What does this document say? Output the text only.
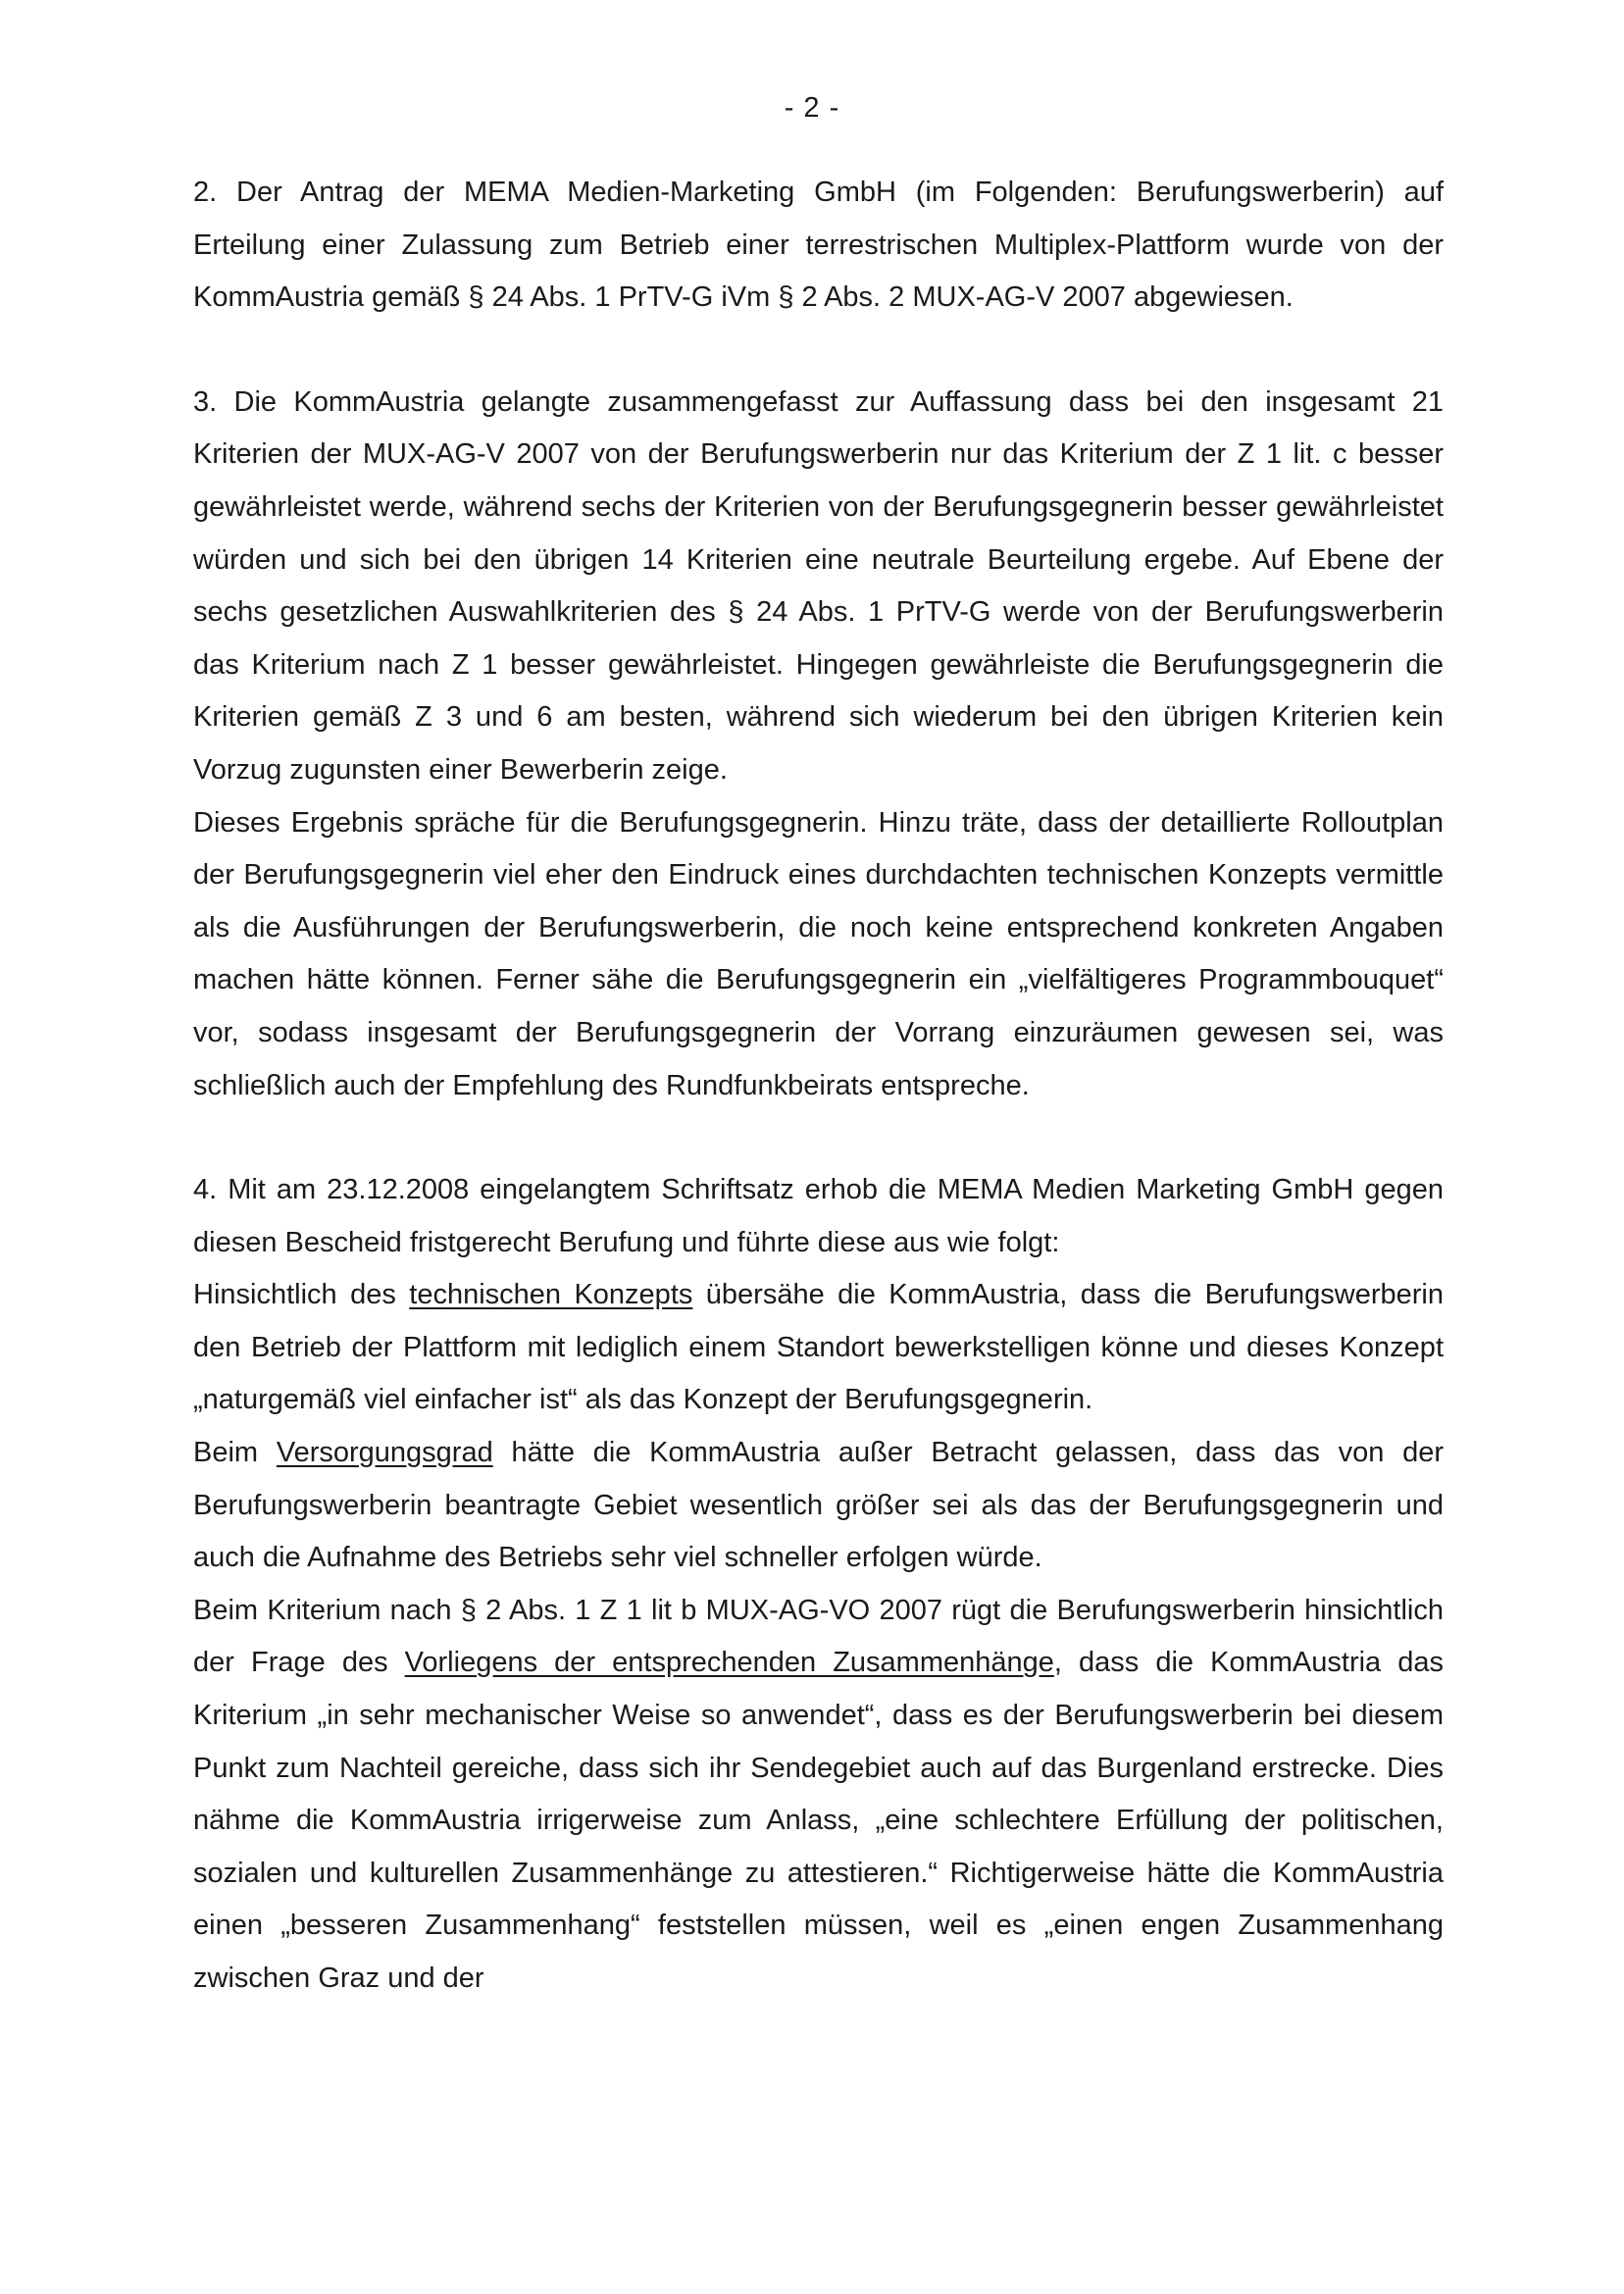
- 2 -

2. Der Antrag der MEMA Medien-Marketing GmbH (im Folgenden: Berufungswerberin) auf Erteilung einer Zulassung zum Betrieb einer terrestrischen Multiplex-Plattform wurde von der KommAustria gemäß § 24 Abs. 1 PrTV-G iVm § 2 Abs. 2 MUX-AG-V 2007 abgewiesen.

3. Die KommAustria gelangte zusammengefasst zur Auffassung dass bei den insgesamt 21 Kriterien der MUX-AG-V 2007 von der Berufungswerberin nur das Kriterium der Z 1 lit. c besser gewährleistet werde, während sechs der Kriterien von der Berufungsgegnerin besser gewährleistet würden und sich bei den übrigen 14 Kriterien eine neutrale Beurteilung ergebe. Auf Ebene der sechs gesetzlichen Auswahlkriterien des § 24 Abs. 1 PrTV-G werde von der Berufungswerberin das Kriterium nach Z 1 besser gewährleistet. Hingegen gewährleiste die Berufungsgegnerin die Kriterien gemäß Z 3 und 6 am besten, während sich wiederum bei den übrigen Kriterien kein Vorzug zugunsten einer Bewerberin zeige.

Dieses Ergebnis spräche für die Berufungsgegnerin. Hinzu träte, dass der detaillierte Rolloutplan der Berufungsgegnerin viel eher den Eindruck eines durchdachten technischen Konzepts vermittle als die Ausführungen der Berufungswerberin, die noch keine entsprechend konkreten Angaben machen hätte können. Ferner sähe die Berufungsgegnerin ein „vielfältigeres Programmbouquet“ vor, sodass insgesamt der Berufungsgegnerin der Vorrang einzuräumen gewesen sei, was schließlich auch der Empfehlung des Rundfunkbeirats entspreche.

4. Mit am 23.12.2008 eingelangtem Schriftsatz erhob die MEMA Medien Marketing GmbH gegen diesen Bescheid fristgerecht Berufung und führte diese aus wie folgt:

Hinsichtlich des technischen Konzepts übersähe die KommAustria, dass die Berufungswerberin den Betrieb der Plattform mit lediglich einem Standort bewerkstelligen könne und dieses Konzept „naturgemäß viel einfacher ist“ als das Konzept der Berufungsgegnerin.

Beim Versorgungsgrad hätte die KommAustria außer Betracht gelassen, dass das von der Berufungswerberin beantragte Gebiet wesentlich größer sei als das der Berufungsgegnerin und auch die Aufnahme des Betriebs sehr viel schneller erfolgen würde.

Beim Kriterium nach § 2 Abs. 1 Z 1 lit b MUX-AG-VO 2007 rügt die Berufungswerberin hinsichtlich der Frage des Vorliegens der entsprechenden Zusammenhänge, dass die KommAustria das Kriterium „in sehr mechanischer Weise so anwendet“, dass es der Berufungswerberin bei diesem Punkt zum Nachteil gereiche, dass sich ihr Sendegebiet auch auf das Burgenland erstrecke. Dies nähme die KommAustria irrigerweise zum Anlass, „eine schlechtere Erfüllung der politischen, sozialen und kulturellen Zusammenhänge zu attestieren.“ Richtigerweise hätte die KommAustria einen „besseren Zusammenhang“ feststellen müssen, weil es „einen engen Zusammenhang zwischen Graz und der
